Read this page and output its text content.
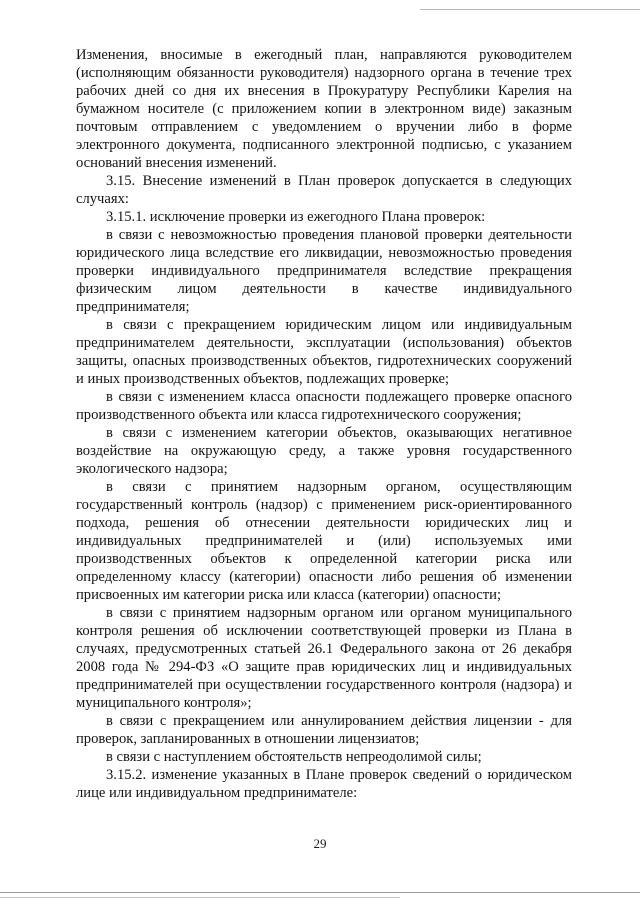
Изменения, вносимые в ежегодный план, направляются руководителем (исполняющим обязанности руководителя) надзорного органа в течение трех рабочих дней со дня их внесения в Прокуратуру Республики Карелия на бумажном носителе (с приложением копии в электронном виде) заказным почтовым отправлением с уведомлением о вручении либо в форме электронного документа, подписанного электронной подписью, с указанием оснований внесения изменений.

3.15. Внесение изменений в План проверок допускается в следующих случаях:

3.15.1. исключение проверки из ежегодного Плана проверок:

в связи с невозможностью проведения плановой проверки деятельности юридического лица вследствие его ликвидации, невозможностью проведения проверки индивидуального предпринимателя вследствие прекращения физическим лицом деятельности в качестве индивидуального предпринимателя;

в связи с прекращением юридическим лицом или индивидуальным предпринимателем деятельности, эксплуатации (использования) объектов защиты, опасных производственных объектов, гидротехнических сооружений и иных производственных объектов, подлежащих проверке;

в связи с изменением класса опасности подлежащего проверке опасного производственного объекта или класса гидротехнического сооружения;

в связи с изменением категории объектов, оказывающих негативное воздействие на окружающую среду, а также уровня государственного экологического надзора;

в связи с принятием надзорным органом, осуществляющим государственный контроль (надзор) с применением риск-ориентированного подхода, решения об отнесении деятельности юридических лиц и индивидуальных предпринимателей и (или) используемых ими производственных объектов к определенной категории риска или определенному классу (категории) опасности либо решения об изменении присвоенных им категории риска или класса (категории) опасности;

в связи с принятием надзорным органом или органом муниципального контроля решения об исключении соответствующей проверки из Плана в случаях, предусмотренных статьей 26.1 Федерального закона от 26 декабря 2008 года № 294-ФЗ «О защите прав юридических лиц и индивидуальных предпринимателей при осуществлении государственного контроля (надзора) и муниципального контроля»;

в связи с прекращением или аннулированием действия лицензии - для проверок, запланированных в отношении лицензиатов;

в связи с наступлением обстоятельств непреодолимой силы;

3.15.2. изменение указанных в Плане проверок сведений о юридическом лице или индивидуальном предпринимателе:

29
